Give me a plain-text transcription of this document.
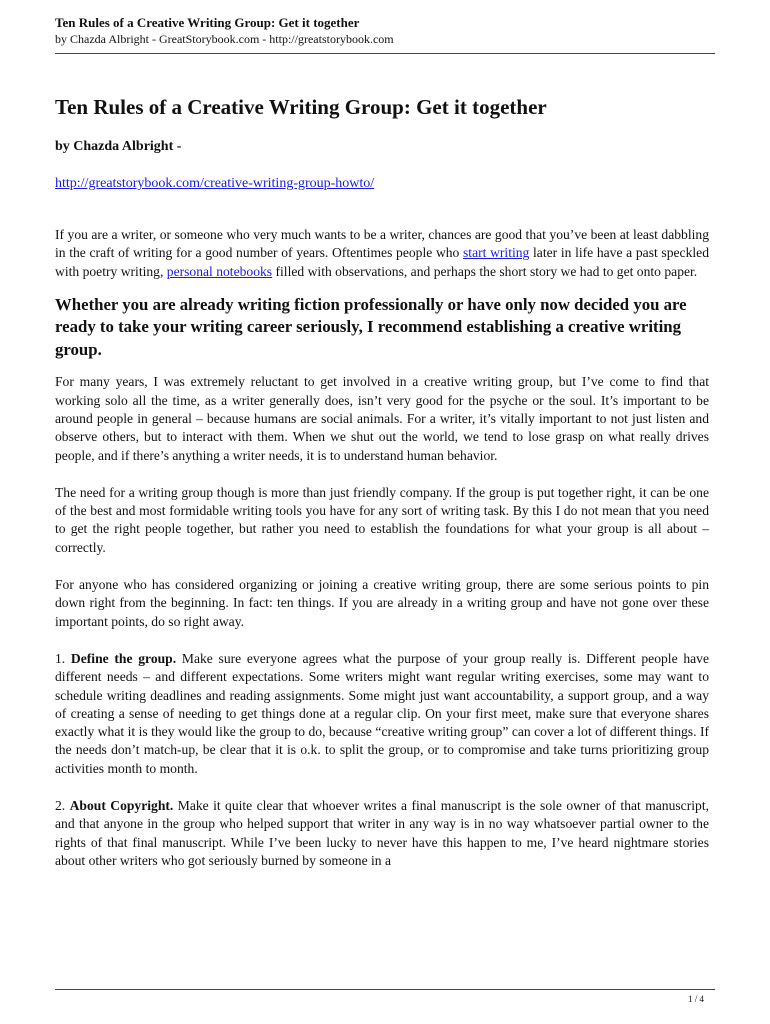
Ten Rules of a Creative Writing Group: Get it together
by Chazda Albright - GreatStorybook.com - http://greatstorybook.com
Ten Rules of a Creative Writing Group: Get it together
by Chazda Albright -
http://greatstorybook.com/creative-writing-group-howto/

If you are a writer, or someone who very much wants to be a writer, chances are good that you’ve been at least dabbling in the craft of writing for a good number of years. Oftentimes people who start writing later in life have a past speckled with poetry writing, personal notebooks filled with observations, and perhaps the short story we had to get onto paper.

Whether you are already writing fiction professionally or have only now decided you are ready to take your writing career seriously, I recommend establishing a creative writing group.

For many years, I was extremely reluctant to get involved in a creative writing group, but I’ve come to find that working solo all the time, as a writer generally does, isn’t very good for the psyche or the soul. It’s important to be around people in general – because humans are social animals. For a writer, it’s vitally important to not just listen and observe others, but to interact with them. When we shut out the world, we tend to lose grasp on what really drives people, and if there’s anything a writer needs, it is to understand human behavior.

The need for a writing group though is more than just friendly company. If the group is put together right, it can be one of the best and most formidable writing tools you have for any sort of writing task. By this I do not mean that you need to get the right people together, but rather you need to establish the foundations for what your group is all about – correctly.

For anyone who has considered organizing or joining a creative writing group, there are some serious points to pin down right from the beginning. In fact: ten things. If you are already in a writing group and have not gone over these important points, do so right away.

1. Define the group. Make sure everyone agrees what the purpose of your group really is. Different people have different needs – and different expectations. Some writers might want regular writing exercises, some may want to schedule writing deadlines and reading assignments. Some might just want accountability, a support group, and a way of creating a sense of needing to get things done at a regular clip. On your first meet, make sure that everyone shares exactly what it is they would like the group to do, because “creative writing group” can cover a lot of different things. If the needs don’t match-up, be clear that it is o.k. to split the group, or to compromise and take turns prioritizing group activities month to month.

2. About Copyright. Make it quite clear that whoever writes a final manuscript is the sole owner of that manuscript, and that anyone in the group who helped support that writer in any way is in no way whatsoever partial owner to the rights of that final manuscript. While I’ve been lucky to never have this happen to me, I’ve heard nightmare stories about other writers who got seriously burned by someone in a

1 / 4
